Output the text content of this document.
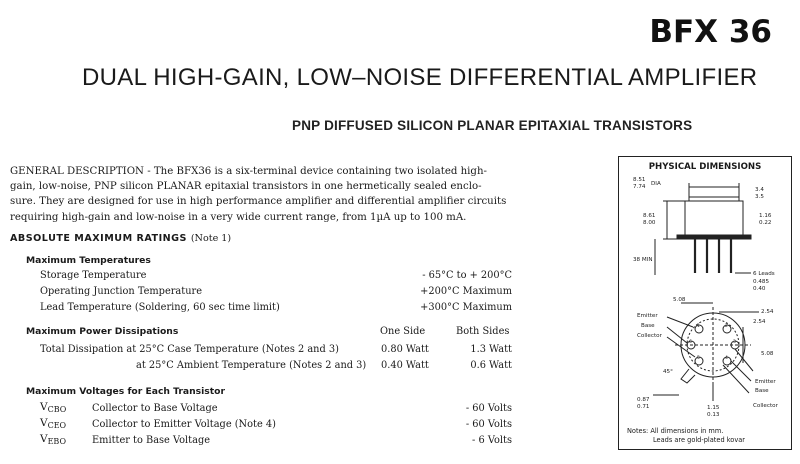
BFX 36
DUAL HIGH-GAIN, LOW–NOISE DIFFERENTIAL AMPLIFIER
PNP DIFFUSED SILICON PLANAR EPITAXIAL TRANSISTORS
GENERAL DESCRIPTION - The BFX36 is a six-terminal device containing two isolated high-
gain, low-noise, PNP silicon PLANAR epitaxial transistors in one hermetically sealed enclo-
sure. They are designed for use in high performance amplifier and differential amplifier circuits
requiring high-gain and low-noise in a very wide current range, from 1µA up to 100 mA.
ABSOLUTE MAXIMUM RATINGS (Note 1)
Maximum Temperatures
Storage Temperature	- 65°C to + 200°C
Operating Junction Temperature	+200°C Maximum
Lead Temperature (Soldering, 60 sec time limit)	+300°C Maximum
Maximum Power Dissipations	One Side	Both Sides
Total Dissipation at 25°C Case Temperature (Notes 2 and 3)	0.80 Watt	1.3 Watt
at 25°C Ambient Temperature (Notes 2 and 3) 0.40 Watt	0.6 Watt
Maximum Voltages for Each Transistor
$V_{CBO}$	Collector to Base Voltage	- 60 Volts
$V_{CEO}$	Collector to Emitter Voltage (Note 4)	- 60 Volts
$V_{EBO}$	Emitter to Base Voltage	- 6 Volts
PHYSICAL DIMENSIONS
8.51
7.74 DIA
3.4
3.5
8.61
8.00
1.16
0.22
38 MIN
6 Leads
0.485
0.40
5.08
2.54
2.54
5.08
Emitter
Base
Collector
Emitter
Base
Collector
45°
0.87
0.71	1.15
0.13
1	2
3
4
5
6
Notes: All dimensions in mm.
Leads are gold-plated kovar
